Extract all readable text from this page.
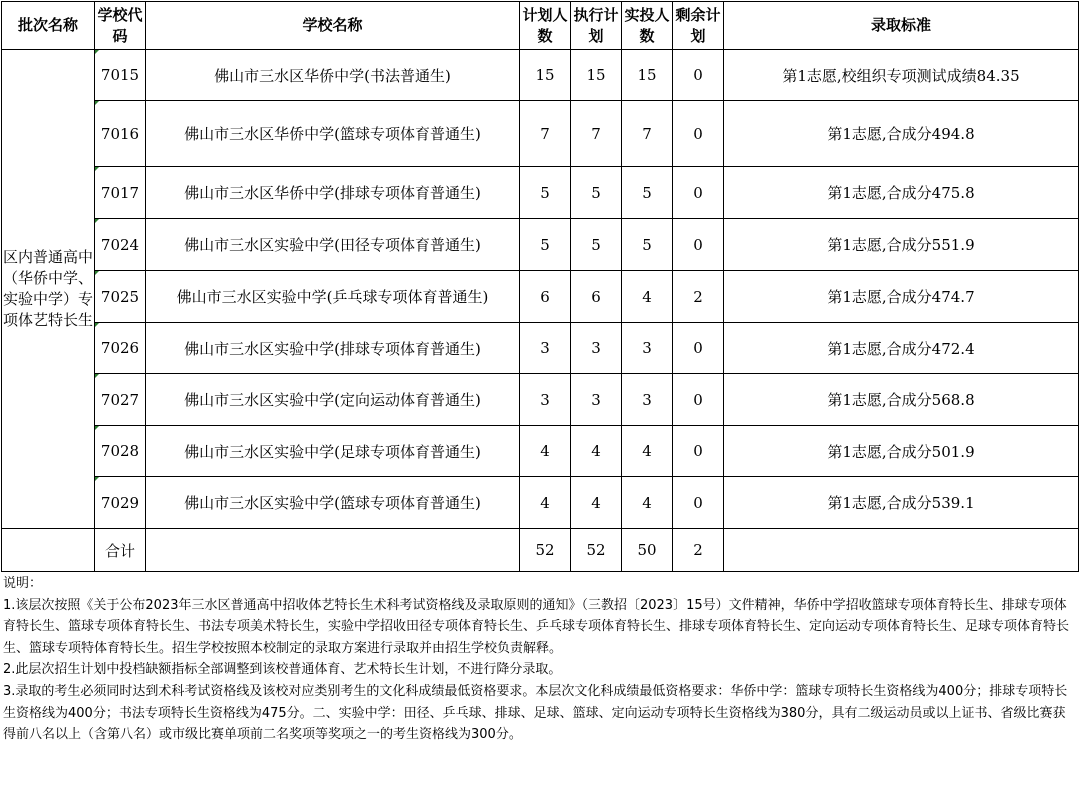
批次名称	学校代码	学校名称	计划人数	执行计划	实投人数	剩余计划	录取标准
区内普通高中（华侨中学、实验中学）专项体艺特长生	7015	佛山市三水区华侨中学(书法普通生)	15	15	15	0	第1志愿,校组织专项测试成绩84.35
	7016	佛山市三水区华侨中学(篮球专项体育普通生)	7	7	7	0	第1志愿,合成分494.8
	7017	佛山市三水区华侨中学(排球专项体育普通生)	5	5	5	0	第1志愿,合成分475.8
	7024	佛山市三水区实验中学(田径专项体育普通生)	5	5	5	0	第1志愿,合成分551.9
	7025	佛山市三水区实验中学(乒乓球专项体育普通生)	6	6	4	2	第1志愿,合成分474.7
	7026	佛山市三水区实验中学(排球专项体育普通生)	3	3	3	0	第1志愿,合成分472.4
	7027	佛山市三水区实验中学(定向运动体育普通生)	3	3	3	0	第1志愿,合成分568.8
	7028	佛山市三水区实验中学(足球专项体育普通生)	4	4	4	0	第1志愿,合成分501.9
	7029	佛山市三水区实验中学(篮球专项体育普通生)	4	4	4	0	第1志愿,合成分539.1
	合计		52	52	50	2	

说明：

1.该层次按照《关于公布2023年三水区普通高中招收体艺特长生术科考试资格线及录取原则的通知》（三教招〔2023〕15号）文件精神，华侨中学招收篮球专项体育特长生、排球专项体育特长生、篮球专项体育特长生、书法专项美术特长生，实验中学招收田径专项体育特长生、乒乓球专项体育特长生、排球专项体育特长生、定向运动专项体育特长生、足球专项体育特长生、篮球专项特体育特长生。招生学校按照本校制定的录取方案进行录取并由招生学校负责解释。

2.此层次招生计划中投档缺额指标全部调整到该校普通体育、艺术特长生计划，不进行降分录取。

3.录取的考生必须同时达到术科考试资格线及该校对应类别考生的文化科成绩最低资格要求。本层次文化科成绩最低资格要求：华侨中学：篮球专项特长生资格线为400分；排球专项特长生资格线为400分；书法专项特长生资格线为475分。二、实验中学：田径、乒乓球、排球、足球、篮球、定向运动专项特长生资格线为380分，具有二级运动员或以上证书、省级比赛获得前八名以上（含第八名）或市级比赛单项前二名奖项等奖项之一的考生资格线为300分。
